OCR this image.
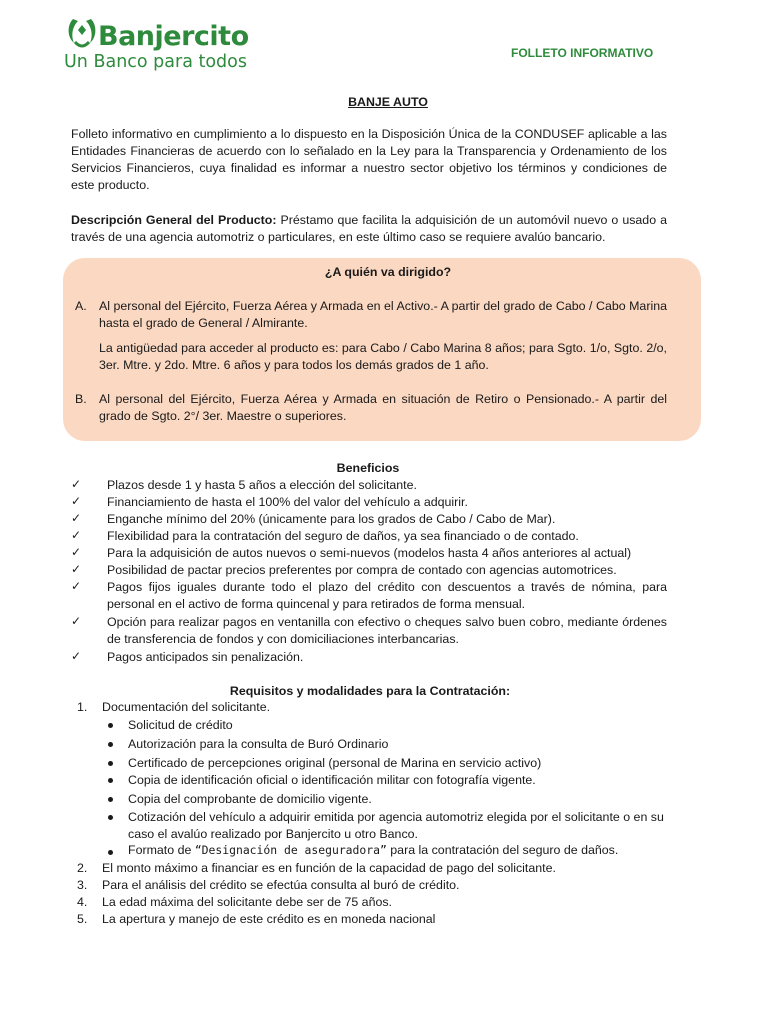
Banjercito
Un Banco para todos	FOLLETO INFORMATIVO
BANJE AUTO
Folleto informativo en cumplimiento a lo dispuesto en la Disposición Única de la CONDUSEF aplicable a las Entidades Financieras de acuerdo con lo señalado en la Ley para la Transparencia y Ordenamiento de los Servicios Financieros, cuya finalidad es informar a nuestro sector objetivo los términos y condiciones de este producto.
Descripción General del Producto: Préstamo que facilita la adquisición de un automóvil nuevo o usado a través de una agencia automotriz o particulares, en este último caso se requiere avalúo bancario.
¿A quién va dirigido?
A. Al personal del Ejército, Fuerza Aérea y Armada en el Activo.- A partir del grado de Cabo / Cabo Marina hasta el grado de General / Almirante.
La antigüedad para acceder al producto es: para Cabo / Cabo Marina 8 años; para Sgto. 1/o, Sgto. 2/o, 3er. Mtre. y 2do. Mtre. 6 años y para todos los demás grados de 1 año.
B. Al personal del Ejército, Fuerza Aérea y Armada en situación de Retiro o Pensionado.- A partir del grado de Sgto. 2°/ 3er. Maestre o superiores.
Beneficios
✓ Plazos desde 1 y hasta 5 años a elección del solicitante.
✓ Financiamiento de hasta el 100% del valor del vehículo a adquirir.
✓ Enganche mínimo del 20% (únicamente para los grados de Cabo / Cabo de Mar).
✓ Flexibilidad para la contratación del seguro de daños, ya sea financiado o de contado.
✓ Para la adquisición de autos nuevos o semi-nuevos (modelos hasta 4 años anteriores al actual)
✓ Posibilidad de pactar precios preferentes por compra de contado con agencias automotrices.
✓ Pagos fijos iguales durante todo el plazo del crédito con descuentos a través de nómina, para personal en el activo de forma quincenal y para retirados de forma mensual.
✓ Opción para realizar pagos en ventanilla con efectivo o cheques salvo buen cobro, mediante órdenes de transferencia de fondos y con domiciliaciones interbancarias.
✓ Pagos anticipados sin penalización.
Requisitos y modalidades para la Contratación:
1. Documentación del solicitante.
Solicitud de crédito
Autorización para la consulta de Buró Ordinario
Certificado de percepciones original (personal de Marina en servicio activo)
Copia de identificación oficial o identificación militar con fotografía vigente.
Copia del comprobante de domicilio vigente.
Cotización del vehículo a adquirir emitida por agencia automotriz elegida por el solicitante o en su caso el avalúo realizado por Banjercito u otro Banco.
Formato de “Designación de aseguradora” para la contratación del seguro de daños.
2. El monto máximo a financiar es en función de la capacidad de pago del solicitante.
3. Para el análisis del crédito se efectúa consulta al buró de crédito.
4. La edad máxima del solicitante debe ser de 75 años.
5. La apertura y manejo de este crédito es en moneda nacional
